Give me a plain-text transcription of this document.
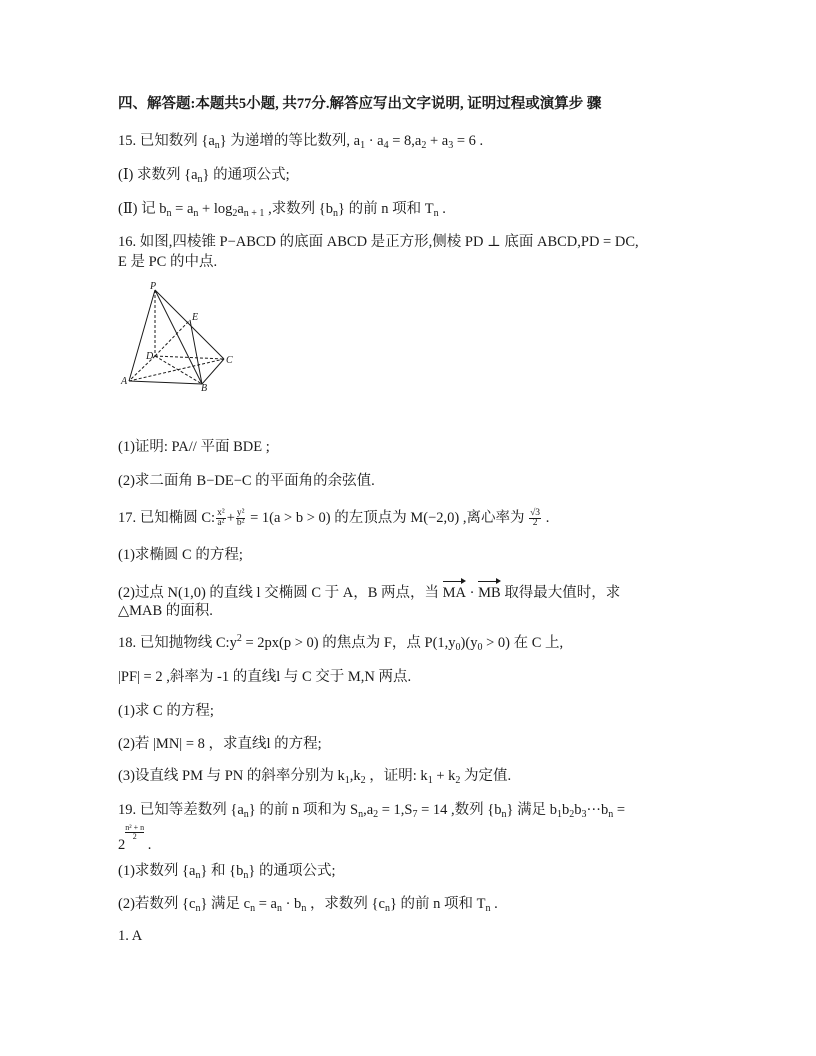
四、解答题:本题共5小题, 共77分.解答应写出文字说明, 证明过程或演算步 骤
15. 已知数列 $\{a_n\}$ 为递增的等比数列, $a_1 \cdot a_4 = 8,a_2 + a_3 = 6$ .
(Ⅰ) 求数列 $\{a_n\}$ 的通项公式;
(Ⅱ) 记 $b_n = a_n + \log_2a_{n + 1}$ ,求数列 $\{b_n\}$ 的前 n 项和 $T_n$ .
16. 如图,四棱锥 P−ABCD 的底面 ABCD 是正方形,侧棱 PD ⊥ 底面 ABCD,PD = DC,
E 是 PC 的中点.
P
E
D	C
A
B
(1)证明: PA// 平面 BDE ;
(2)求二面角 B−DE−C 的平面角的余弦值.
17. 已知椭圆 C: $\frac{\text{x²}}{\text{a²}} + \frac{\text{y²}}{\text{b²}} = 1(a > b > 0)$ 的左顶点为 M(−2,0) ,离心率为 $\frac{√3}{2}$ .
(1)求椭圆 C 的方程;
(2)过点 N(1,0) 的直线 l 交椭圆 C 于 A，B 两点，当 MA · MB 取得最大值时，求
△MAB 的面积.
18. 已知抛物线 $C:y^2 = 2px(p > 0)$ 的焦点为 F，点 $P(1,y_0)(y_0 > 0)$ 在 C 上,
|PF| = 2 ,斜率为 -1 的直线l 与 C 交于 M,N 两点.
(1)求 C 的方程;
(2)若 |MN| = 8 ，求直线l 的方程;
(3)设直线 PM 与 PN 的斜率分别为 $k_1,k_2$ ，证明: $k_1 + k_2$ 为定值.
19. 已知等差数列 $\{a_n\}$ 的前 n 项和为 $S_n,a_2 = 1,S_7 = 14$ ,数列 $\{b_n\}$ 满足 $b_1b_2b_3\cdot\cdot\cdot b_n$ =
2
$\frac{\text{n² + n}}{2}$ .
(1)求数列 $\{a_n\}$ 和 $\{b_n\}$ 的通项公式;
(2)若数列 $\{c_n\}$ 满足 $c_n = a_n \cdot b_n$ ，求数列 $\{c_n\}$ 的前 n 项和 $T_n$ .
1. A
